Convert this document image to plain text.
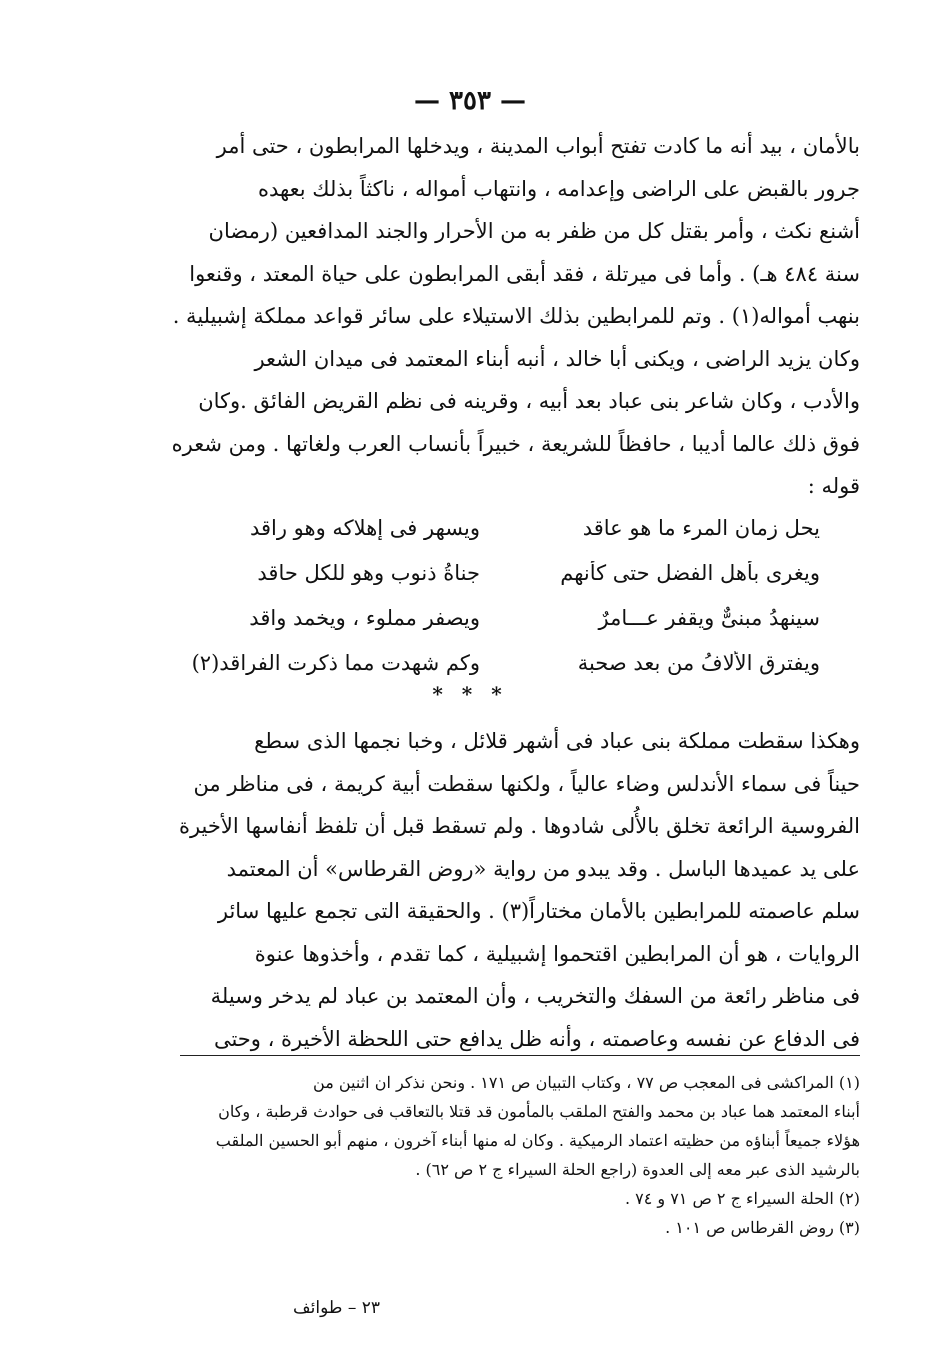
— ٣٥٣ —
بالأمان ، بيد أنه ما كادت تفتح أبواب المدينة ، ويدخلها المرابطون ، حتى أمر
جرور بالقبض على الراضى وإعدامه ، وانتهاب أمواله ، ناكثاً بذلك بعهده
أشنع نكث ، وأمر بقتل كل من ظفر به من الأحرار والجند المدافعين (رمضان
سنة ٤٨٤ هـ) . وأما فى ميرتلة ، فقد أبقى المرابطون على حياة المعتد ، وقنعوا
بنهب أمواله(١) . وتم للمرابطين بذلك الاستيلاء على سائر قواعد مملكة إشبيلية .
وكان يزيد الراضى ، ويكنى أبا خالد ، أنبه أبناء المعتمد فى ميدان الشعر
والأدب ، وكان شاعر بنى عباد بعد أبيه ، وقرينه فى نظم القريض الفائق .وكان
فوق ذلك عالما أديبا ، حافظاً للشريعة ، خبيراً بأنساب العرب ولغاتها . ومن شعره
قوله :
يحل زمان المرء ما هو عاقد
ويسهر فى إهلاكه وهو راقد
ويغرى بأهل الفضل حتى كأنهم
جناةُ ذنوب وهو للكل حاقد
سينهدُ مبنىٌّ ويقفر عـــامرٌ
ويصفر مملوء ، ويخمد واقد
ويفترق الألافُ من بعد صحبة
وكم شهدت مما ذكرت الفراقد(٢)
* * *
وهكذا سقطت مملكة بنى عباد فى أشهر قلائل ، وخبا نجمها الذى سطع
حيناً فى سماء الأندلس وضاء عالياً ، ولكنها سقطت أبية كريمة ، فى مناظر من
الفروسية الرائعة تخلق بالأُلى شادوها . ولم تسقط قبل أن تلفظ أنفاسها الأخيرة
على يد عميدها الباسل . وقد يبدو من رواية «روض القرطاس» أن المعتمد
سلم عاصمته للمرابطين بالأمان مختاراً(٣) . والحقيقة التى تجمع عليها سائر
الروايات ، هو أن المرابطين اقتحموا إشبيلية ، كما تقدم ، وأخذوها عنوة
فى مناظر رائعة من السفك والتخريب ، وأن المعتمد بن عباد لم يدخر وسيلة
فى الدفاع عن نفسه وعاصمته ، وأنه ظل يدافع حتى اللحظة الأخيرة ، وحتى
(١) المراكشى فى المعجب ص ٧٧ ، وكتاب التبيان ص ١٧١ . ونحن نذكر ان اثنين من
أبناء المعتمد هما عباد بن محمد والفتح الملقب بالمأمون قد قتلا بالتعاقب فى حوادث قرطبة ، وكان
هؤلاء جميعاً أبناؤه من حظيته اعتماد الرميكية . وكان له منها أبناء آخرون ، منهم أبو الحسين الملقب
بالرشيد الذى عبر معه إلى العدوة (راجع الحلة السيراء ج ٢ ص ٦٢) .
(٢) الحلة السيراء ج ٢ ص ٧١ و ٧٤ .
(٣) روض القرطاس ص ١٠١ .
٢٣ – طوائف
